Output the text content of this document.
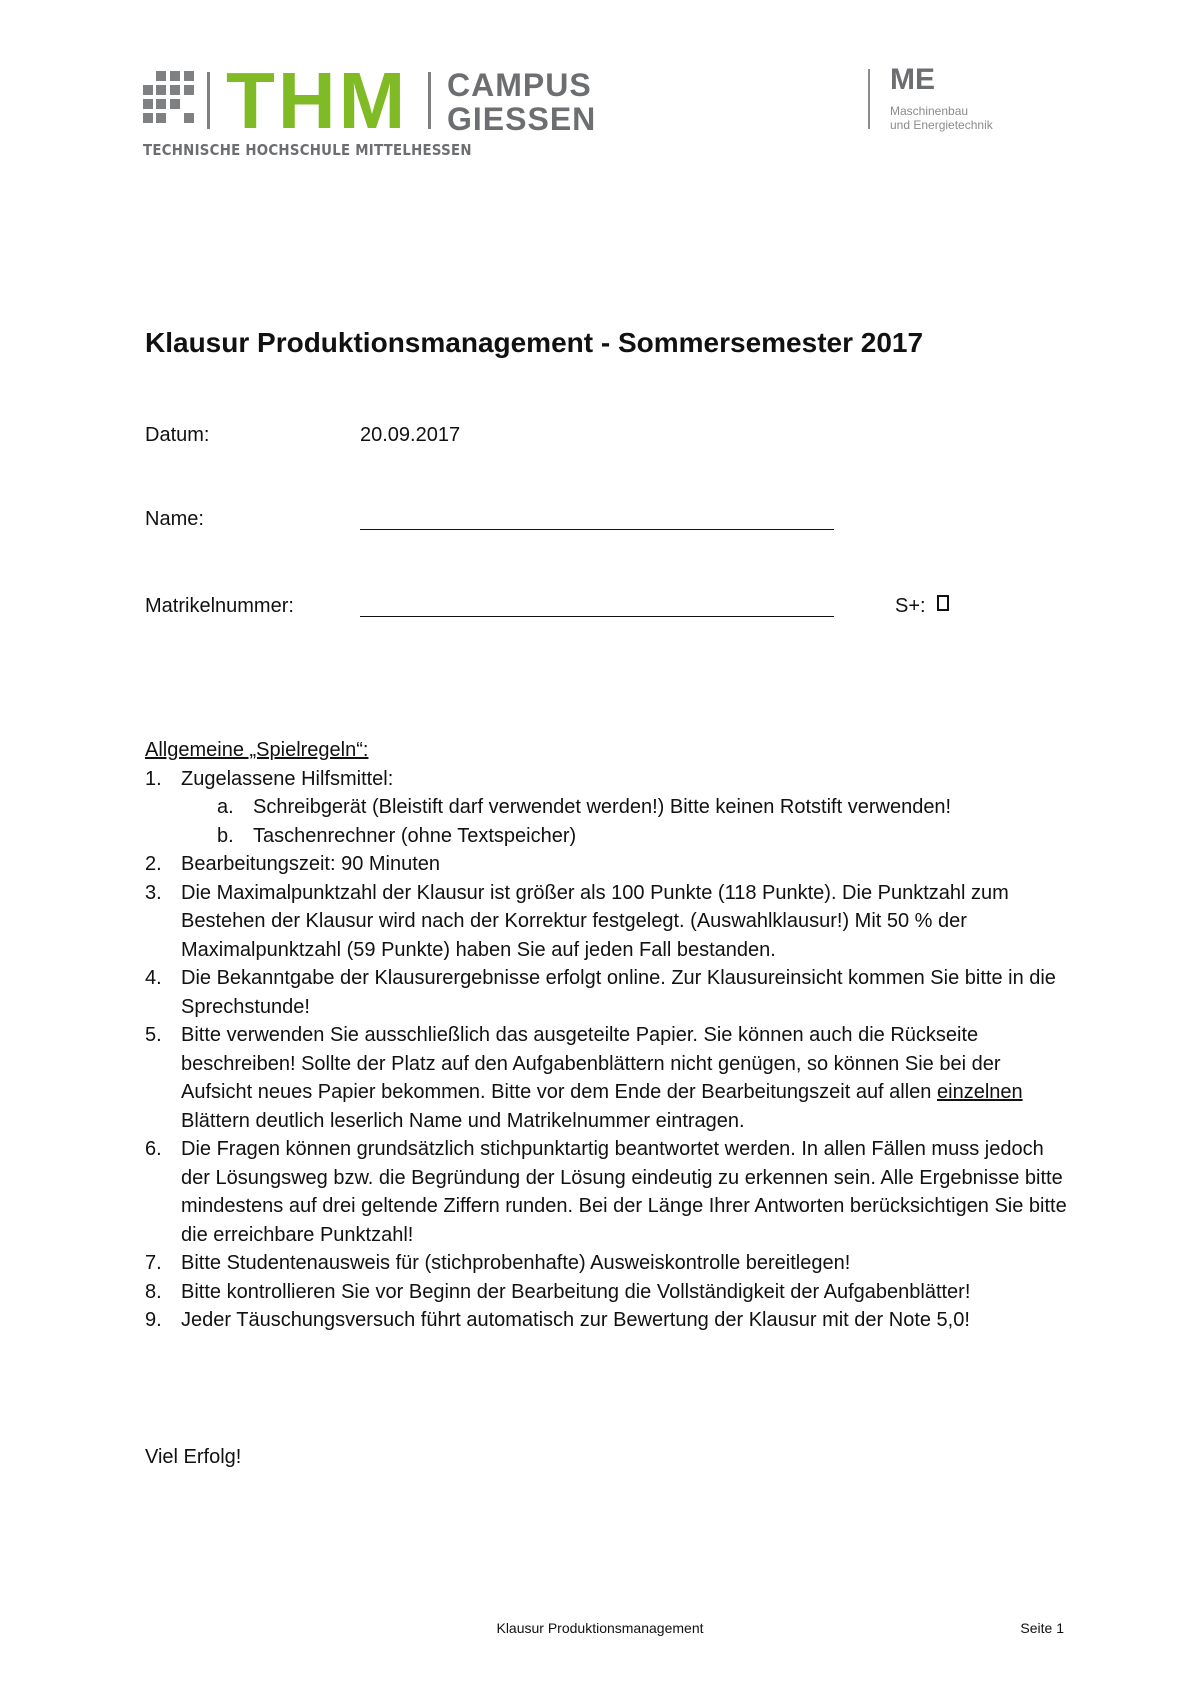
THM CAMPUS
GIESSEN
TECHNISCHE HOCHSCHULE MITTELHESSEN
ME
Maschinenbau
und Energietechnik
Klausur Produktionsmanagement - Sommersemester 2017
Datum:	20.09.2017
Name:
Matrikelnummer:	S+:
Allgemeine „Spielregeln“:
1. Zugelassene Hilfsmittel:
a. Schreibgerät (Bleistift darf verwendet werden!) Bitte keinen Rotstift verwenden!
b. Taschenrechner (ohne Textspeicher)
2. Bearbeitungszeit: 90 Minuten
3. Die Maximalpunktzahl der Klausur ist größer als 100 Punkte (118 Punkte). Die Punktzahl zum Bestehen der Klausur wird nach der Korrektur festgelegt. (Auswahlklausur!) Mit 50 % der Maximalpunktzahl (59 Punkte) haben Sie auf jeden Fall bestanden.
4. Die Bekanntgabe der Klausurergebnisse erfolgt online. Zur Klausureinsicht kommen Sie bitte in die Sprechstunde!
5. Bitte verwenden Sie ausschließlich das ausgeteilte Papier. Sie können auch die Rückseite beschreiben! Sollte der Platz auf den Aufgabenblättern nicht genügen, so können Sie bei der Aufsicht neues Papier bekommen. Bitte vor dem Ende der Bearbeitungszeit auf allen einzelnen Blättern deutlich leserlich Name und Matrikelnummer eintragen.
6. Die Fragen können grundsätzlich stichpunktartig beantwortet werden. In allen Fällen muss jedoch der Lösungsweg bzw. die Begründung der Lösung eindeutig zu erkennen sein. Alle Ergebnisse bitte mindestens auf drei geltende Ziffern runden. Bei der Länge Ihrer Antworten berücksichtigen Sie bitte die erreichbare Punktzahl!
7. Bitte Studentenausweis für (stichprobenhafte) Ausweiskontrolle bereitlegen!
8. Bitte kontrollieren Sie vor Beginn der Bearbeitung die Vollständigkeit der Aufgabenblätter!
9. Jeder Täuschungsversuch führt automatisch zur Bewertung der Klausur mit der Note 5,0!
Viel Erfolg!
Klausur Produktionsmanagement	Seite 1
